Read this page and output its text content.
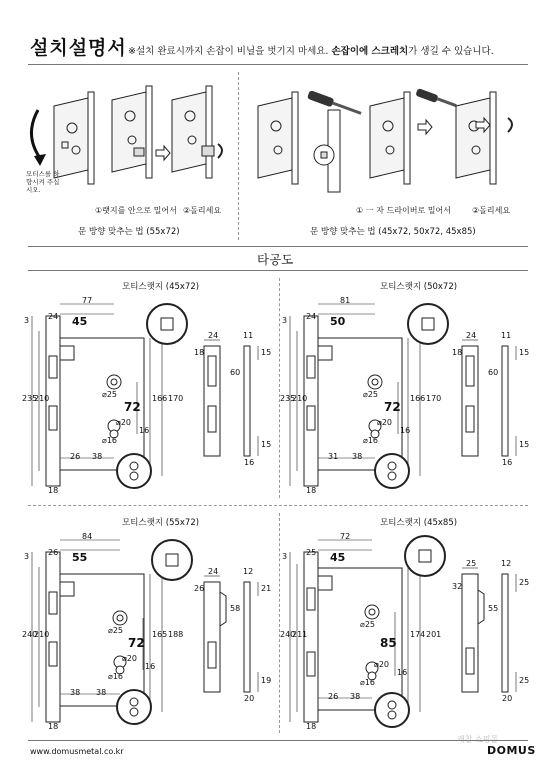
설치설명서 ※설치 완료시까지 손잡이 비닐을 벗기지 마세요. 손잡이에 스크레치가 생길 수 있습니다.
모티스를 하향시켜 주십시오.
①랫지를 안으로 밀어서 ②돌리세요
문 방향 맞추는 법 (55x72)
① 一 자 드라이버로 밀어서	②돌리세요
문 방향 맞추는 법 (45x72, 50x72, 45x85)
타공도
모티스랫지 (45x72)
24
3
77
45
235
210
72
166 170
26 38
16
24
18
60
11
15
15
16
18
⌀20
⌀25
⌀16
모티스랫지 (50x72)
24
3
81
50
235
210
72
166 170
31 38
16
24
18
60
11
15
15
16
18
⌀20
⌀25
⌀16
모티스랫지 (55x72)
26
3
84
55
240
210
72
165 188
38 38
16
24
26
58
12
21
19
20
18
⌀20
⌀25
⌀16
모티스랫지 (45x85)
25
3
72
45
240
211
85
174 201
26 38
16
25
32
55
12
25
25
20
18
⌀20
⌀25
⌀16
www.domusmetal.co.kr	DOMUS
